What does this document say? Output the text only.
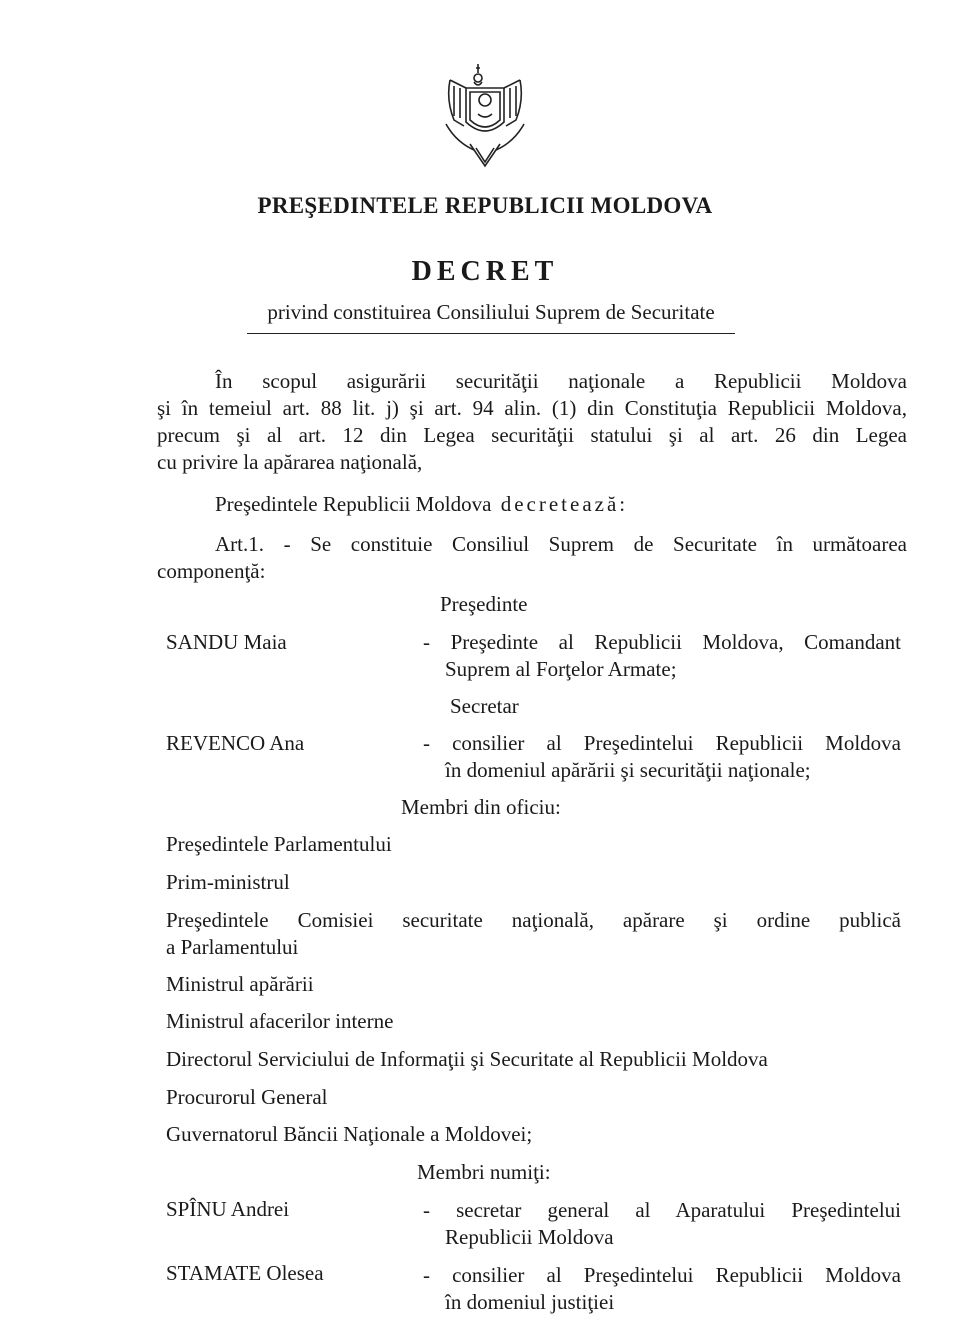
PREŞEDINTELE REPUBLICII MOLDOVA
DECRET
privind constituirea Consiliului Suprem de Securitate
În scopul asigurării securităţii naţionale a Republicii Moldova
şi în temeiul art. 88 lit. j) şi art. 94 alin. (1) din Constituţia Republicii Moldova,
precum şi al art. 12 din Legea securităţii statului şi al art. 26 din Legea
cu privire la apărarea naţională,
Preşedintele Republicii Moldova decretează:
Art.1. - Se constituie Consiliul Suprem de Securitate în următoarea
componenţă:
Preşedinte
SANDU Maia	- Preşedinte al Republicii Moldova, Comandant
Suprem al Forţelor Armate;
Secretar
REVENCO Ana	- consilier al Preşedintelui Republicii Moldova
în domeniul apărării şi securităţii naţionale;
Membri din oficiu:
Preşedintele Parlamentului
Prim-ministrul
Preşedintele Comisiei securitate naţională, apărare şi ordine publică
a Parlamentului
Ministrul apărării
Ministrul afacerilor interne
Directorul Serviciului de Informaţii şi Securitate al Republicii Moldova
Procurorul General
Guvernatorul Băncii Naţionale a Moldovei;
Membri numiţi:
SPÎNU Andrei	- secretar general al Aparatului Preşedintelui
Republicii Moldova
STAMATE Olesea	- consilier al Preşedintelui Republicii Moldova
în domeniul justiţiei
